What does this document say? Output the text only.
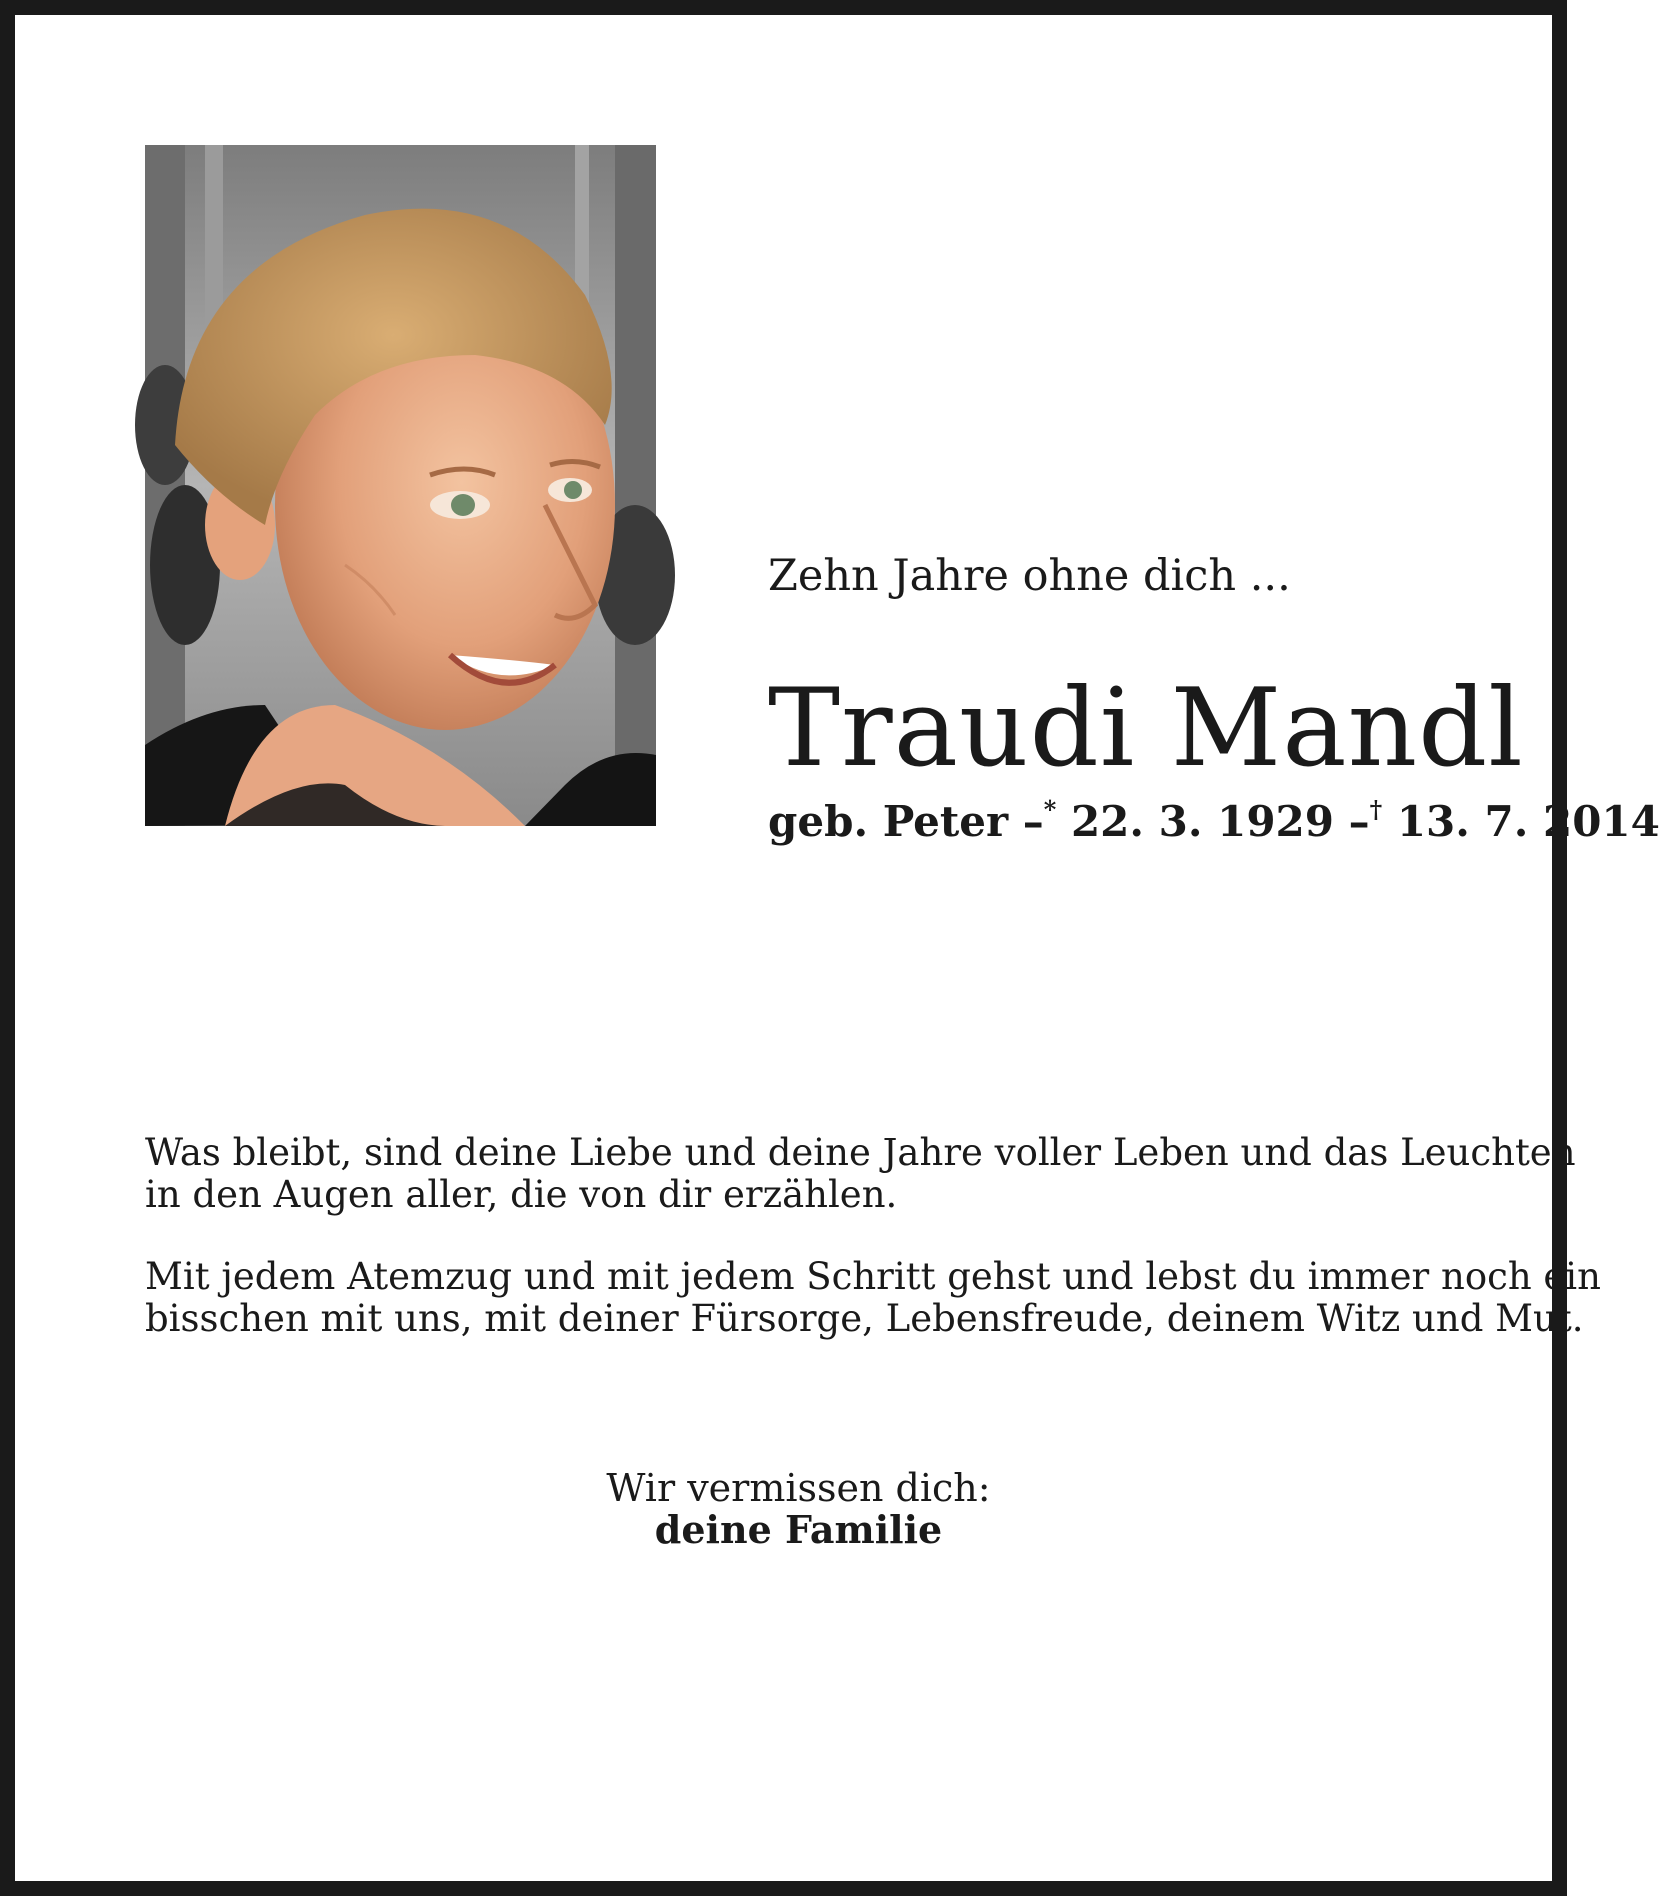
Zehn Jahre ohne dich ...
Traudi Mandl
geb. Peter –* 22. 3. 1929 –† 13. 7. 2014
Was bleibt, sind deine Liebe und deine Jahre voller Leben und das Leuchten
in den Augen aller, die von dir erzählen.
Mit jedem Atemzug und mit jedem Schritt gehst und lebst du immer noch ein
bisschen mit uns, mit deiner Fürsorge, Lebensfreude, deinem Witz und Mut.
Wir vermissen dich:
deine Familie
